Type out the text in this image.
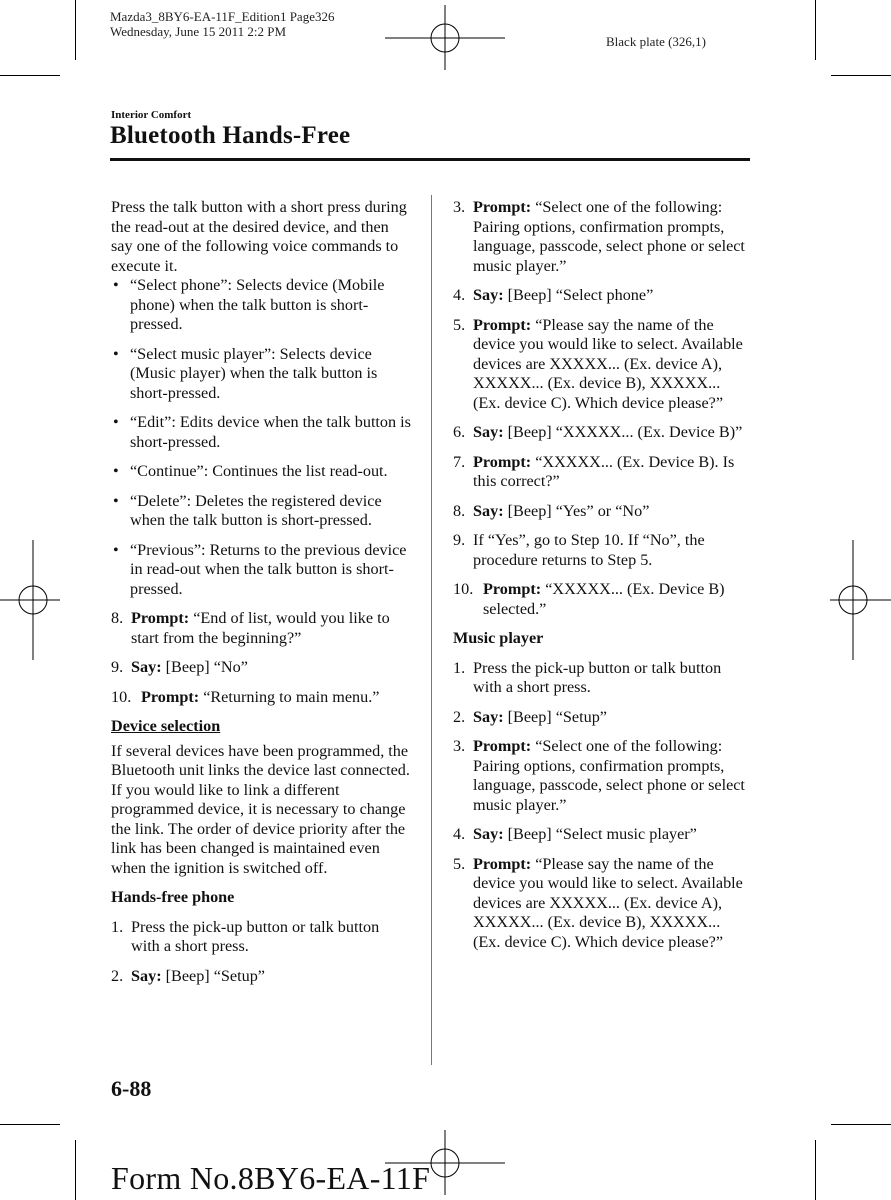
Mazda3_8BY6-EA-11F_Edition1 Page326
Wednesday, June 15 2011 2:2 PM
Black plate (326,1)
Interior Comfort
Bluetooth Hands-Free

Press the talk button with a short press during the read-out at the desired device, and then say one of the following voice commands to execute it.

• “Select phone”: Selects device (Mobile phone) when the talk button is short-pressed.

• “Select music player”: Selects device (Music player) when the talk button is short-pressed.

• “Edit”: Edits device when the talk button is short-pressed.

• “Continue”: Continues the list read-out.

• “Delete”: Deletes the registered device when the talk button is short-pressed.

• “Previous”: Returns to the previous device in read-out when the talk button is short-pressed.

8. Prompt: “End of list, would you like to start from the beginning?”
9. Say: [Beep] “No”
10. Prompt: “Returning to main menu.”
Device selection

If several devices have been programmed, the Bluetooth unit links the device last connected. If you would like to link a different programmed device, it is necessary to change the link. The order of device priority after the link has been changed is maintained even when the ignition is switched off.

Hands-free phone
1. Press the pick-up button or talk button with a short press.
2. Say: [Beep] “Setup”
3. Prompt: “Select one of the following: Pairing options, confirmation prompts, language, passcode, select phone or select music player.”
4. Say: [Beep] “Select phone”
5. Prompt: “Please say the name of the device you would like to select. Available devices are XXXXX... (Ex. device A), XXXXX... (Ex. device B), XXXXX... (Ex. device C). Which device please?”
6. Say: [Beep] “XXXXX... (Ex. Device B)”
7. Prompt: “XXXXX... (Ex. Device B). Is this correct?”
8. Say: [Beep] “Yes” or “No”
9. If “Yes”, go to Step 10. If “No”, the procedure returns to Step 5.
10. Prompt: “XXXXX... (Ex. Device B) selected.”
Music player
1. Press the pick-up button or talk button with a short press.
2. Say: [Beep] “Setup”
3. Prompt: “Select one of the following: Pairing options, confirmation prompts, language, passcode, select phone or select music player.”
4. Say: [Beep] “Select music player”
5. Prompt: “Please say the name of the device you would like to select. Available devices are XXXXX... (Ex. device A), XXXXX... (Ex. device B), XXXXX... (Ex. device C). Which device please?”
6-88
Form No.8BY6-EA-11F
